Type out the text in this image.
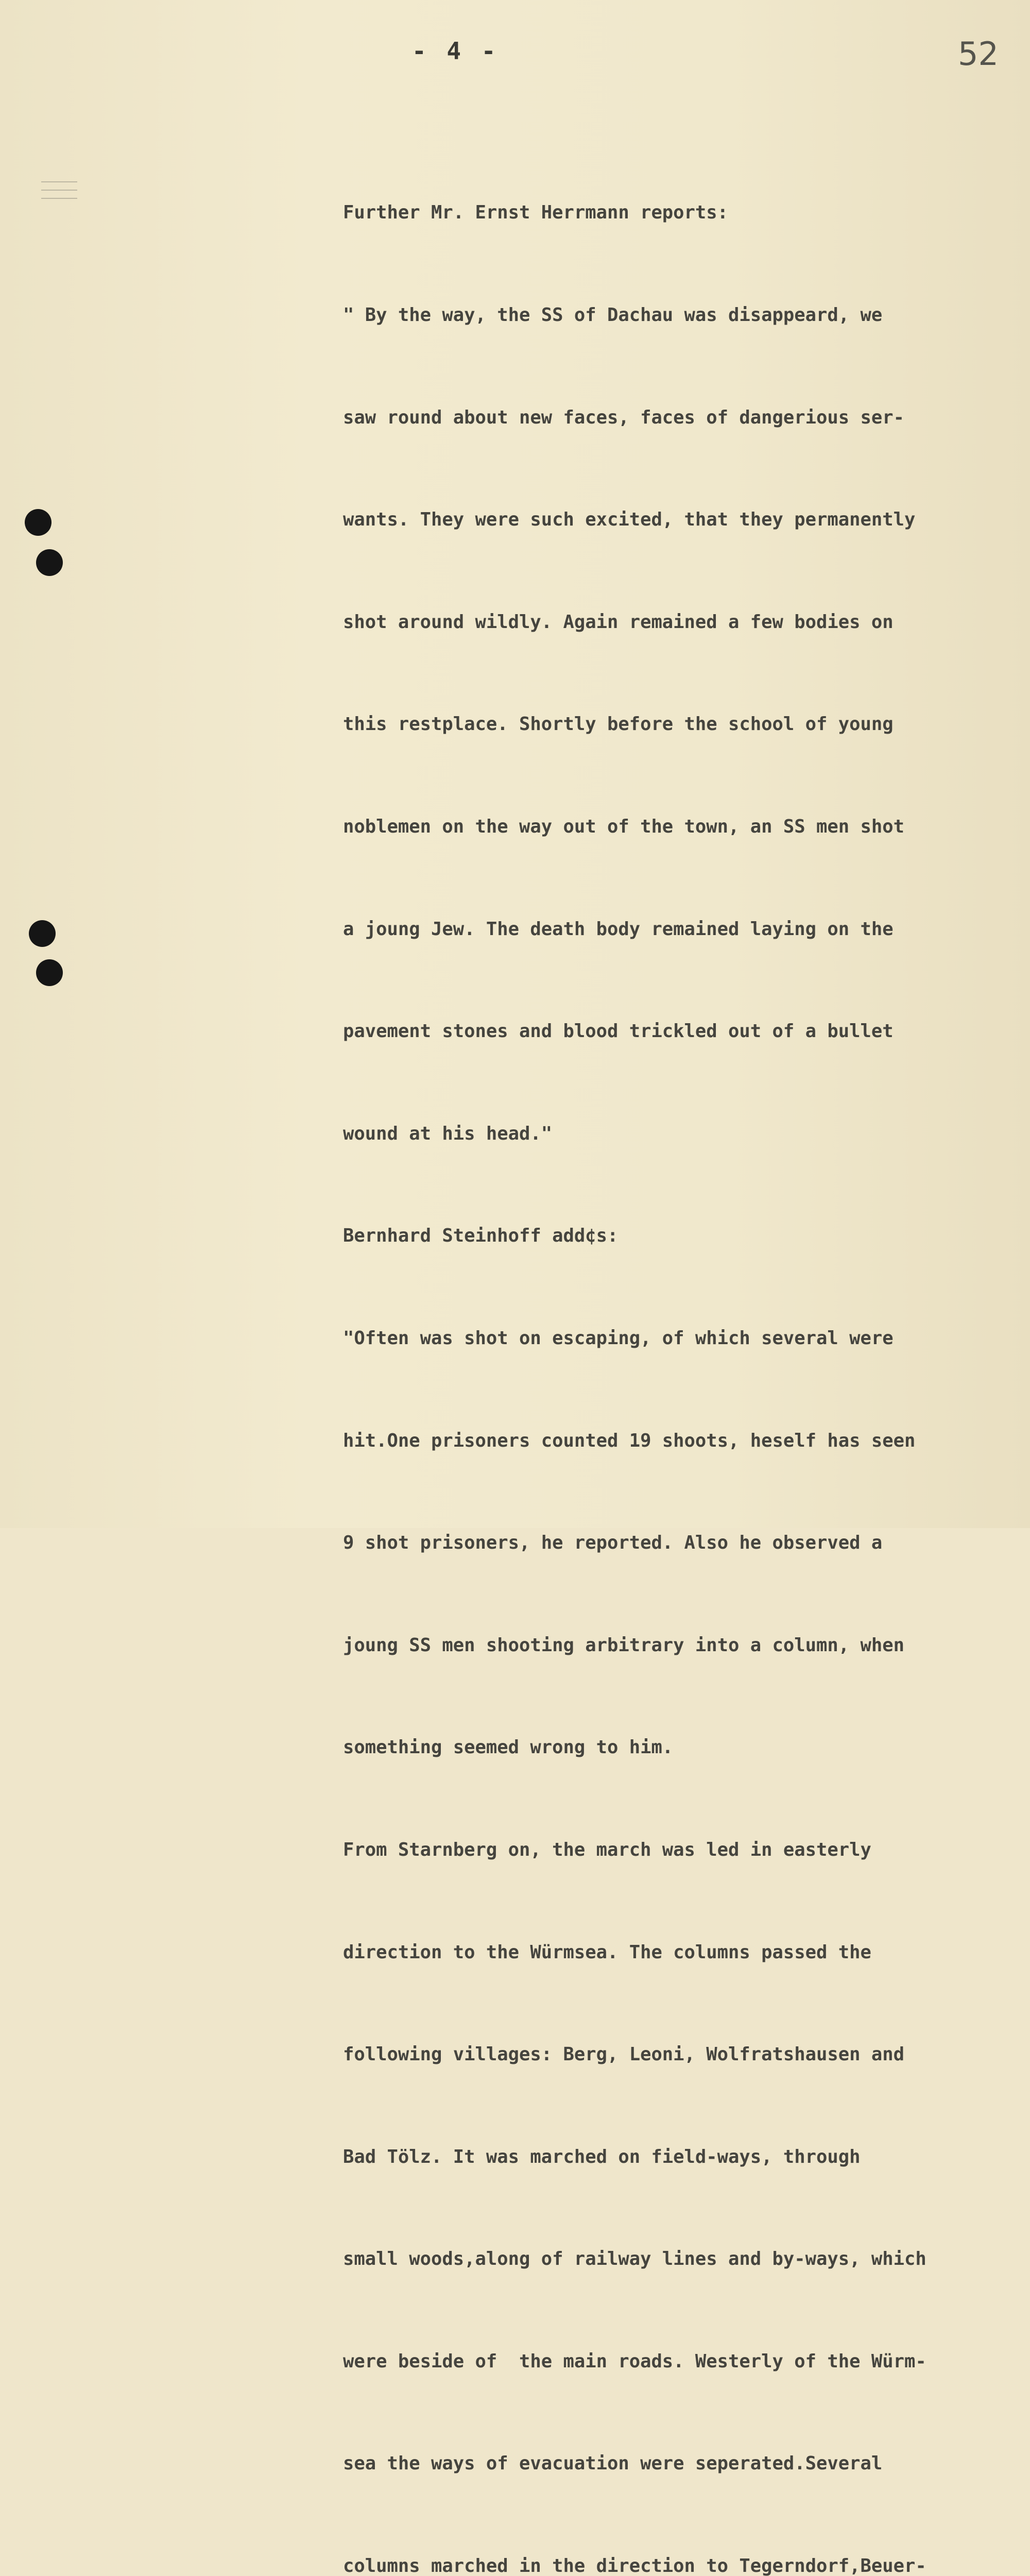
- 4 -	52

Further Mr. Ernst Herrmann reports:

" By the way, the SS of Dachau was disappeard, we

saw round about new faces, faces of dangerious ser-

wants. They were such excited, that they permanently

shot around wildly. Again remained a few bodies on

this restplace. Shortly before the school of young

noblemen on the way out of the town, an SS men shot

a joung Jew. The death body remained laying on the

pavement stones and blood trickled out of a bullet

wound at his head."

Bernhard Steinhoff add¢s:

"Often was shot on escaping, of which several were

hit.One prisoners counted 19 shoots, heself has seen

9 shot prisoners, he reported. Also he observed a

joung SS men shooting arbitrary into a column, when

something seemed wrong to him.

From Starnberg on, the march was led in easterly

direction to the Würmsea. The columns passed the

following villages: Berg, Leoni, Wolfratshausen and

Bad Tölz. It was marched on field-ways, through

small woods,along of railway lines and by-ways, which

were beside of  the main roads. Westerly of the Würm-

sea the ways of evacuation were seperated.Several

columns marched in the direction to Tegerndorf,Beuer-
